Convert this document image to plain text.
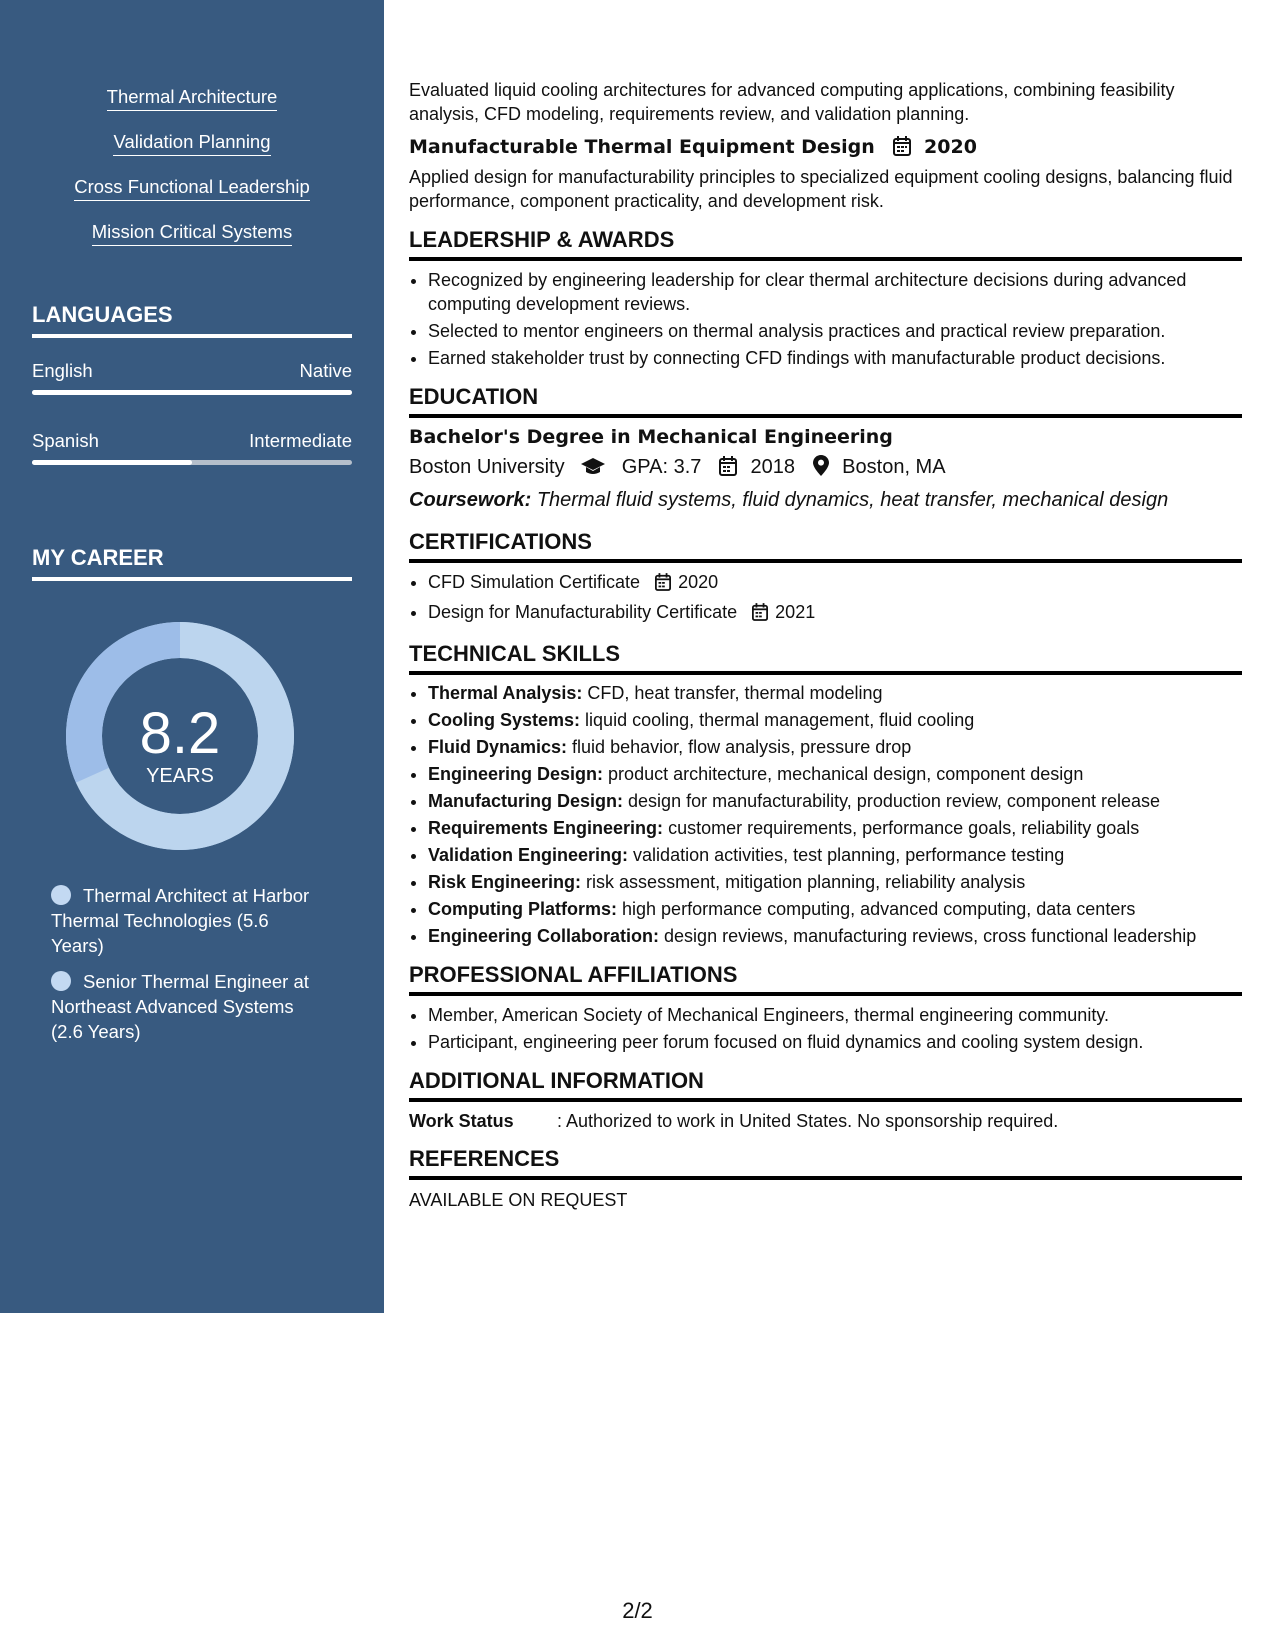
Thermal Architecture
Validation Planning
Cross Functional Leadership
Mission Critical Systems
LANGUAGES
English	Native
Spanish	Intermediate
MY CAREER
8.2
YEARS
Thermal Architect at Harbor Thermal Technologies (5.6 Years)
Senior Thermal Engineer at Northeast Advanced Systems (2.6 Years)

Evaluated liquid cooling architectures for advanced computing applications, combining feasibility analysis, CFD modeling, requirements review, and validation planning.

Manufacturable Thermal Equipment Design	2020

Applied design for manufacturability principles to specialized equipment cooling designs, balancing fluid performance, component practicality, and development risk.

LEADERSHIP & AWARDS
• Recognized by engineering leadership for clear thermal architecture decisions during advanced computing development reviews.
• Selected to mentor engineers on thermal analysis practices and practical review preparation.
• Earned stakeholder trust by connecting CFD findings with manufacturable product decisions.
EDUCATION
Bachelor's Degree in Mechanical Engineering
Boston University	GPA: 3.7 2018 Boston, MA
Coursework: Thermal fluid systems, fluid dynamics, heat transfer, mechanical design
CERTIFICATIONS
• CFD Simulation Certificate 2020
• Design for Manufacturability Certificate 2021
TECHNICAL SKILLS
• Thermal Analysis: CFD, heat transfer, thermal modeling
• Cooling Systems: liquid cooling, thermal management, fluid cooling
• Fluid Dynamics: fluid behavior, flow analysis, pressure drop
• Engineering Design: product architecture, mechanical design, component design
• Manufacturing Design: design for manufacturability, production review, component release
• Requirements Engineering: customer requirements, performance goals, reliability goals
• Validation Engineering: validation activities, test planning, performance testing
• Risk Engineering: risk assessment, mitigation planning, reliability analysis
• Computing Platforms: high performance computing, advanced computing, data centers
• Engineering Collaboration: design reviews, manufacturing reviews, cross functional leadership
PROFESSIONAL AFFILIATIONS
• Member, American Society of Mechanical Engineers, thermal engineering community.
• Participant, engineering peer forum focused on fluid dynamics and cooling system design.
ADDITIONAL INFORMATION
Work Status : Authorized to work in United States. No sponsorship required.
REFERENCES
AVAILABLE ON REQUEST
2/2
